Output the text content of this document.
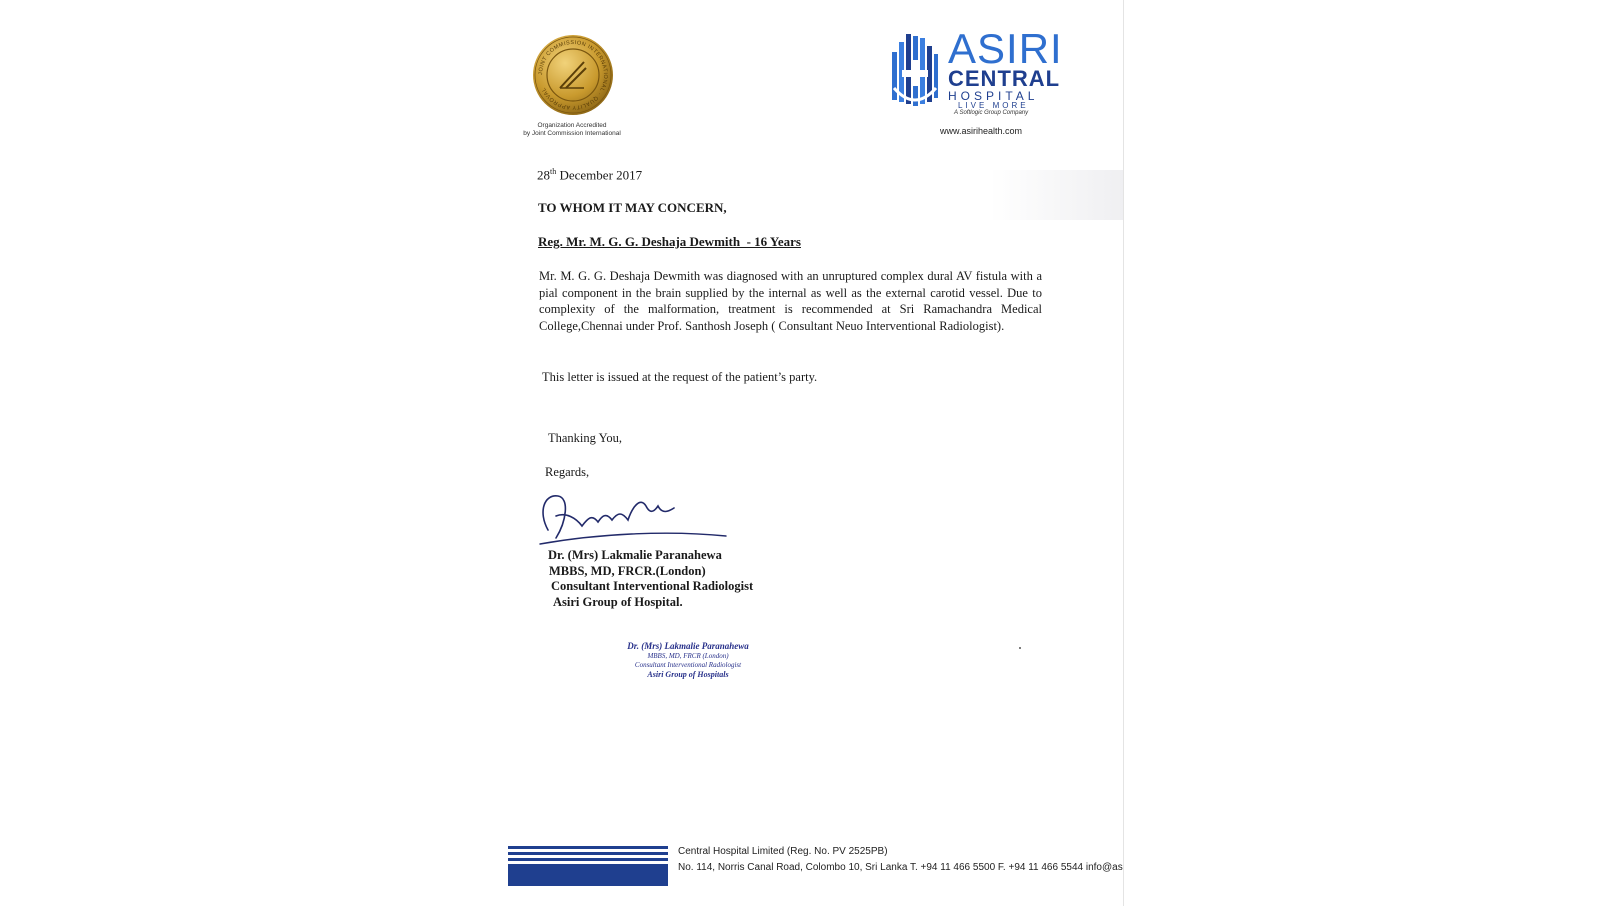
JOINT COMMISSION INTERNATIONAL · QUALITY APPROVAL
Organization Accredited
by Joint Commission International
ASIRI
CENTRAL
HOSPITAL
LIVE MORE
A Softlogic Group Company
www.asirihealth.com
28th December 2017
TO WHOM IT MAY CONCERN,
Reg. Mr. M. G. G. Deshaja Dewmith  - 16 Years
Mr. M. G. G. Deshaja Dewmith was diagnosed with an unruptured complex dural AV fistula with a pial component in the brain supplied by the internal as well as the external carotid vessel. Due to complexity of the malformation, treatment is recommended at Sri Ramachandra Medical College,Chennai under Prof. Santhosh Joseph ( Consultant Neuo Interventional Radiologist).
This letter is issued at the request of the patient’s party.
Thanking You,
Regards,
Dr. (Mrs) Lakmalie Paranahewa
MBBS, MD, FRCR.(London)
Consultant Interventional Radiologist
Asiri Group of Hospital.
Dr. (Mrs) Lakmalie Paranahewa
MBBS, MD, FRCR (London)
Consultant Interventional Radiologist
Asiri Group of Hospitals
Central Hospital Limited (Reg. No. PV 2525PB)
No. 114, Norris Canal Road, Colombo 10, Sri Lanka T. +94 11 466 5500 F. +94 11 466 5544 info@as
